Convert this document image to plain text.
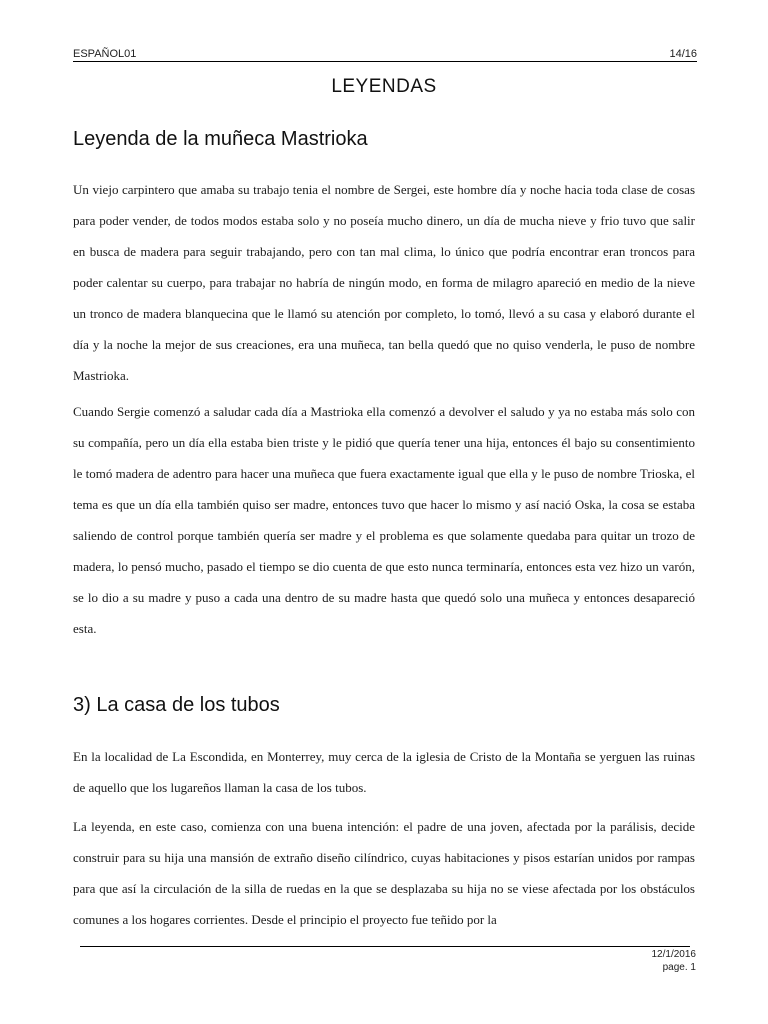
ESPAÑOL01	14/16
LEYENDAS
Leyenda de la muñeca Mastrioka

Un viejo carpintero que amaba su trabajo tenia el nombre de Sergei, este hombre día y noche hacia toda clase de cosas para poder vender, de todos modos estaba solo y no poseía mucho dinero, un día de mucha nieve y frio tuvo que salir en busca de madera para seguir trabajando, pero con tan mal clima, lo único que podría encontrar eran troncos para poder calentar su cuerpo, para trabajar no habría de ningún modo, en forma de milagro apareció en medio de la nieve un tronco de madera blanquecina que le llamó su atención por completo, lo tomó, llevó a su casa y elaboró durante el día y la noche la mejor de sus creaciones, era una muñeca, tan bella quedó que no quiso venderla, le puso de nombre Mastrioka.

Cuando Sergie comenzó a saludar cada día a Mastrioka ella comenzó a devolver el saludo y ya no estaba más solo con su compañía, pero un día ella estaba bien triste y le pidió que quería tener una hija, entonces él bajo su consentimiento le tomó madera de adentro para hacer una muñeca que fuera exactamente igual que ella y le puso de nombre Trioska, el tema es que un día ella también quiso ser madre, entonces tuvo que hacer lo mismo y así nació Oska, la cosa se estaba saliendo de control porque también quería ser madre y el problema es que solamente quedaba para quitar un trozo de madera, lo pensó mucho, pasado el tiempo se dio cuenta de que esto nunca terminaría, entonces esta vez hizo un varón, se lo dio a su madre y puso a cada una dentro de su madre hasta que quedó solo una muñeca y entonces desapareció esta.

3) La casa de los tubos

En la localidad de La Escondida, en Monterrey, muy cerca de la iglesia de Cristo de la Montaña se yerguen las ruinas de aquello que los lugareños llaman la casa de los tubos.

La leyenda, en este caso, comienza con una buena intención: el padre de una joven, afectada por la parálisis, decide construir para su hija una mansión de extraño diseño cilíndrico, cuyas habitaciones y pisos estarían unidos por rampas para que así la circulación de la silla de ruedas en la que se desplazaba su hija no se viese afectada por los obstáculos comunes a los hogares corrientes. Desde el principio el proyecto fue teñido por la

12/1/2016
page. 1
